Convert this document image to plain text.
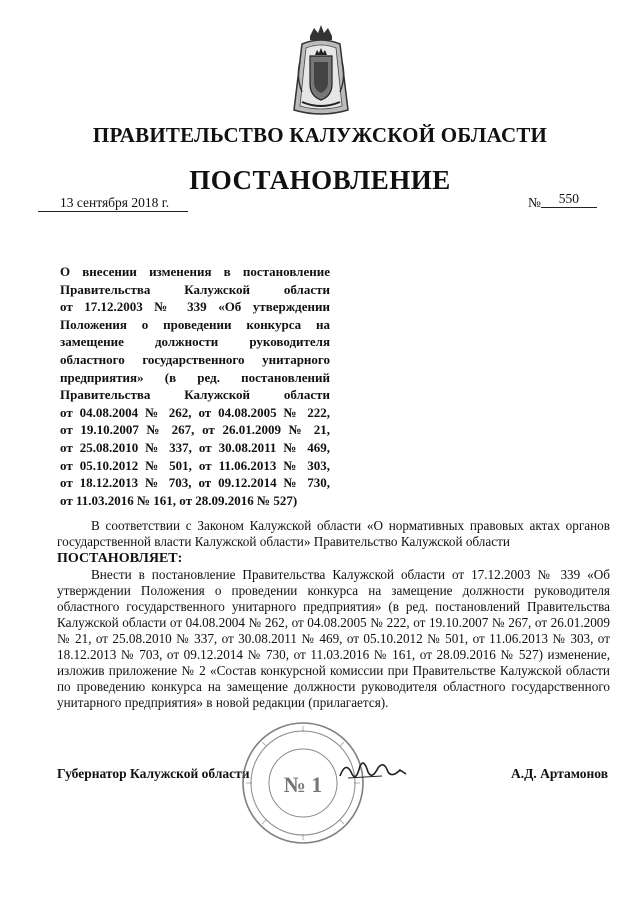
ПРАВИТЕЛЬСТВО КАЛУЖСКОЙ ОБЛАСТИ
ПОСТАНОВЛЕНИЕ
13 сентября 2018 г.	№ 550

О внесении изменения в постановление

Правительства Калужской области

от 17.12.2003 № 339 «Об утверждении

Положения о проведении конкурса на

замещение должности руководителя

областного государственного унитарного

предприятия» (в ред. постановлений

Правительства Калужской области

от 04.08.2004 № 262, от 04.08.2005 № 222,

от 19.10.2007 № 267, от 26.01.2009 № 21,

от 25.08.2010 № 337, от 30.08.2011 № 469,

от 05.10.2012 № 501, от 11.06.2013 № 303,

от 18.12.2013 № 703, от 09.12.2014 № 730,

от 11.03.2016 № 161, от 28.09.2016 № 527)

В соответствии с Законом Калужской области «О нормативных правовых актах органов государственной власти Калужской области» Правительство Калужской области

ПОСТАНОВЛЯЕТ:

Внести в постановление Правительства Калужской области от 17.12.2003 № 339 «Об утверждении Положения о проведении конкурса на замещение должности руководителя областного государственного унитарного предприятия» (в ред. постановлений Правительства Калужской области от 04.08.2004 № 262, от 04.08.2005 № 222, от 19.10.2007 № 267, от 26.01.2009 № 21, от 25.08.2010 № 337, от 30.08.2011 № 469, от 05.10.2012 № 501, от 11.06.2013 № 303, от 18.12.2013 № 703, от 09.12.2014 № 730, от 11.03.2016 № 161, от 28.09.2016 № 527) изменение, изложив приложение № 2 «Состав конкурсной комиссии при Правительстве Калужской области по проведению конкурса на замещение должности руководителя областного государственного унитарного предприятия» в новой редакции (прилагается).

Губернатор Калужской области	А.Д. Артамонов
№ 1
